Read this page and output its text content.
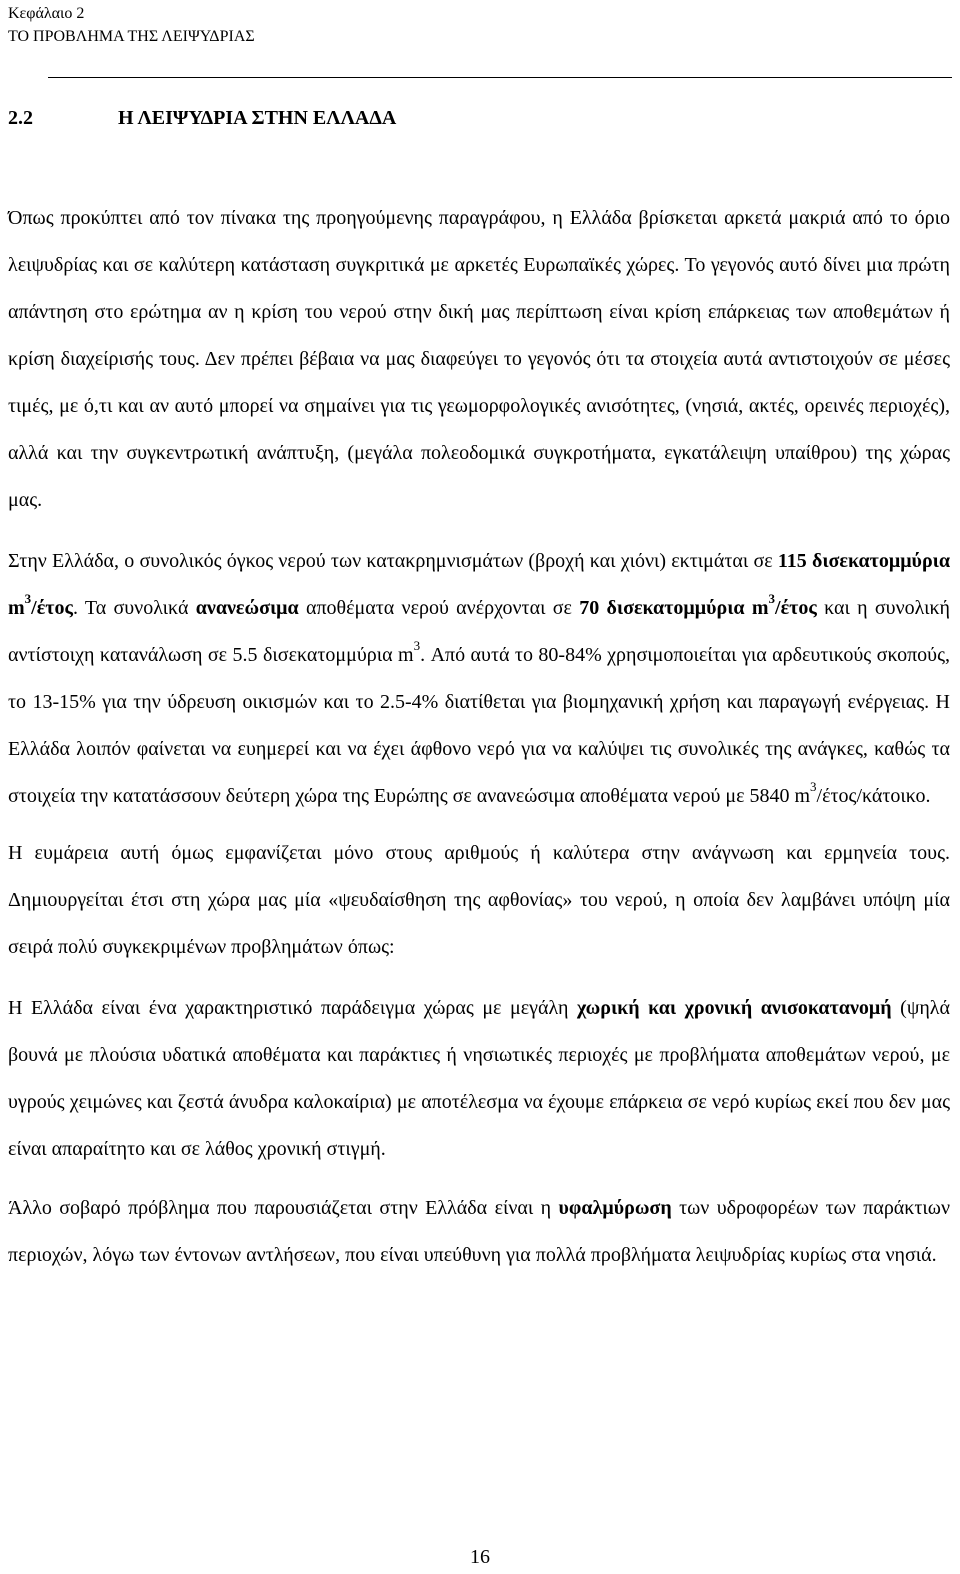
Κεφάλαιο 2
ΤΟ ΠΡΟΒΛΗΜΑ ΤΗΣ ΛΕΙΨΥΔΡΙΑΣ
2.2	Η ΛΕΙΨΥΔΡΙΑ ΣΤΗΝ ΕΛΛΑΔΑ

Όπως προκύπτει από τον πίνακα της προηγούμενης παραγράφου, η Ελλάδα βρίσκεται αρκετά μακριά από το όριο λειψυδρίας και σε καλύτερη κατάσταση συγκριτικά με αρκετές Ευρωπαϊκές χώρες. Το γεγονός αυτό δίνει μια πρώτη απάντηση στο ερώτημα αν η κρίση του νερού στην δική μας περίπτωση είναι κρίση επάρκειας των αποθεμάτων ή κρίση διαχείρισής τους. Δεν πρέπει βέβαια να μας διαφεύγει το γεγονός ότι τα στοιχεία αυτά αντιστοιχούν σε μέσες τιμές, με ό,τι και αν αυτό μπορεί να σημαίνει για τις γεωμορφολογικές ανισότητες, (νησιά, ακτές, ορεινές περιοχές), αλλά και την συγκεντρωτική ανάπτυξη, (μεγάλα πολεοδομικά συγκροτήματα, εγκατάλειψη υπαίθρου) της χώρας μας.

Στην Ελλάδα, ο συνολικός όγκος νερού των κατακρημνισμάτων (βροχή και χιόνι) εκτιμάται σε 115 δισεκατομμύρια $m^3$/έτος. Τα συνολικά ανανεώσιμα αποθέματα νερού ανέρχονται σε 70 δισεκατομμύρια $m^3$/έτος και η συνολική αντίστοιχη κατανάλωση σε 5.5 δισεκατομμύρια $m^3$. Από αυτά το 80-84% χρησιμοποιείται για αρδευτικούς σκοπούς, το 13-15% για την ύδρευση οικισμών και το 2.5-4% διατίθεται για βιομηχανική χρήση και παραγωγή ενέργειας. Η Ελλάδα λοιπόν φαίνεται να ευημερεί και να έχει άφθονο νερό για να καλύψει τις συνολικές της ανάγκες, καθώς τα στοιχεία την κατατάσσουν δεύτερη χώρα της Ευρώπης σε ανανεώσιμα αποθέματα νερού με 5840 $m^3/έ\tau o\varsigma$/κάτοικο.

Η ευμάρεια αυτή όμως εμφανίζεται μόνο στους αριθμούς ή καλύτερα στην ανάγνωση και ερμηνεία τους. Δημιουργείται έτσι στη χώρα μας μία «ψευδαίσθηση της αφθονίας» του νερού, η οποία δεν λαμβάνει υπόψη μία σειρά πολύ συγκεκριμένων προβλημάτων όπως:

Η Ελλάδα είναι ένα χαρακτηριστικό παράδειγμα χώρας με μεγάλη χωρική και χρονική ανισοκατανομή (ψηλά βουνά με πλούσια υδατικά αποθέματα και παράκτιες ή νησιωτικές περιοχές με προβλήματα αποθεμάτων νερού, με υγρούς χειμώνες και ζεστά άνυδρα καλοκαίρια) με αποτέλεσμα να έχουμε επάρκεια σε νερό κυρίως εκεί που δεν μας είναι απαραίτητο και σε λάθος χρονική στιγμή.

Άλλο σοβαρό πρόβλημα που παρουσιάζεται στην Ελλάδα είναι η υφαλμύρωση των υδροφορέων των παράκτιων περιοχών, λόγω των έντονων αντλήσεων, που είναι υπεύθυνη για πολλά προβλήματα λειψυδρίας κυρίως στα νησιά.

16
